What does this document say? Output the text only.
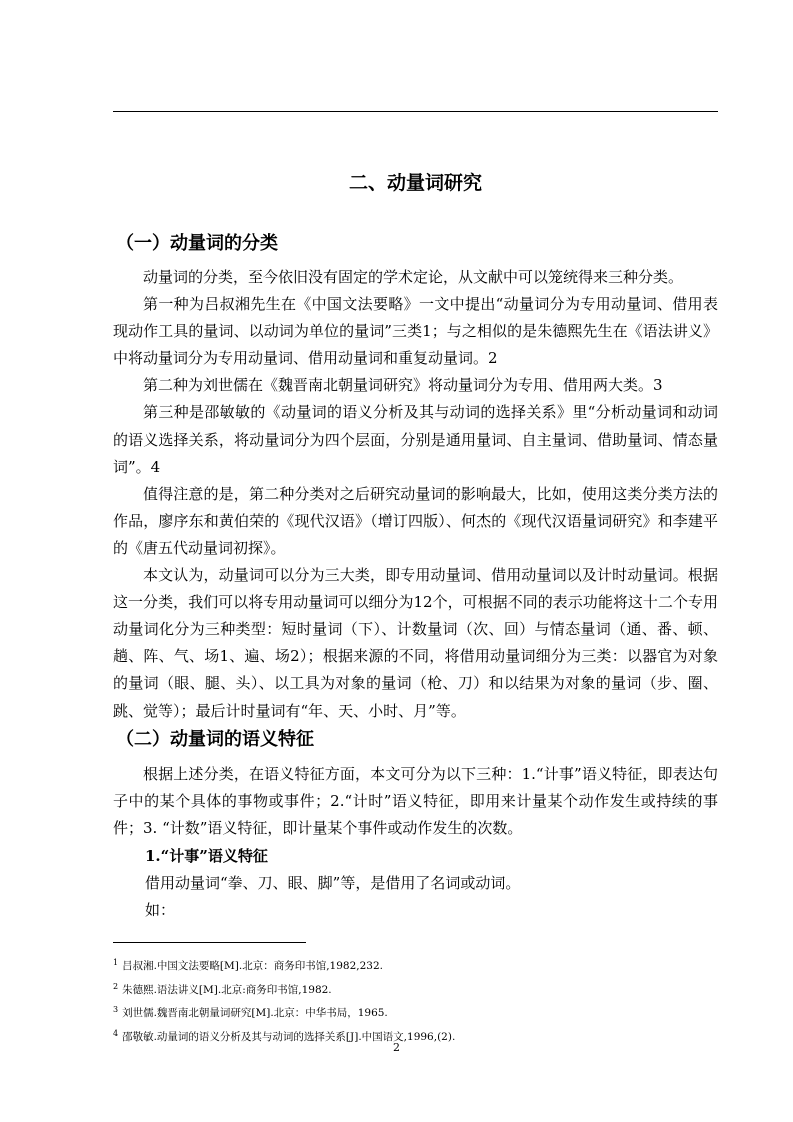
二、动量词研究
（一）动量词的分类

动量词的分类，至今依旧没有固定的学术定论，从文献中可以笼统得来三种分类。

第一种为吕叔湘先生在《中国文法要略》一文中提出“动量词分为专用动量词、借用表现动作工具的量词、以动词为单位的量词”三类1；与之相似的是朱德熙先生在《语法讲义》中将动量词分为专用动量词、借用动量词和重复动量词。2

第二种为刘世儒在《魏晋南北朝量词研究》将动量词分为专用、借用两大类。3

第三种是邵敏敏的《动量词的语义分析及其与动词的选择关系》里“分析动量词和动词的语义选择关系，将动量词分为四个层面，分别是通用量词、自主量词、借助量词、情态量词”。4

值得注意的是，第二种分类对之后研究动量词的影响最大，比如，使用这类分类方法的作品，廖序东和黄伯荣的《现代汉语》（增订四版）、何杰的《现代汉语量词研究》和李建平的《唐五代动量词初探》。

本文认为，动量词可以分为三大类，即专用动量词、借用动量词以及计时动量词。根据这一分类，我们可以将专用动量词可以细分为12个，可根据不同的表示功能将这十二个专用动量词化分为三种类型：短时量词（下）、计数量词（次、回）与情态量词（通、番、顿、趟、阵、气、场1、遍、场2）；根据来源的不同，将借用动量词细分为三类：以器官为对象的量词（眼、腿、头）、以工具为对象的量词（枪、刀）和以结果为对象的量词（步、圈、跳、觉等）；最后计时量词有“年、天、小时、月”等。

（二）动量词的语义特征

根据上述分类，在语义特征方面，本文可分为以下三种：1.“计事”语义特征，即表达句子中的某个具体的事物或事件；2.“计时”语义特征，即用来计量某个动作发生或持续的事件；3. “计数”语义特征，即计量某个事件或动作发生的次数。

1.“计事”语义特征
借用动量词“拳、刀、眼、脚”等，是借用了名词或动词。
如：
$^1$ 吕叔湘.中国文法要略[M].北京：商务印书馆,1982,232.
$^2$ 朱德熙.语法讲义[M].北京:商务印书馆,1982.
$^3$ 刘世儒.魏晋南北朝量词研究[M].北京：中华书局，1965.
$^4$ 邵敬敏.动量词的语义分析及其与动词的选择关系[J].中国语文,1996,(2).
2
